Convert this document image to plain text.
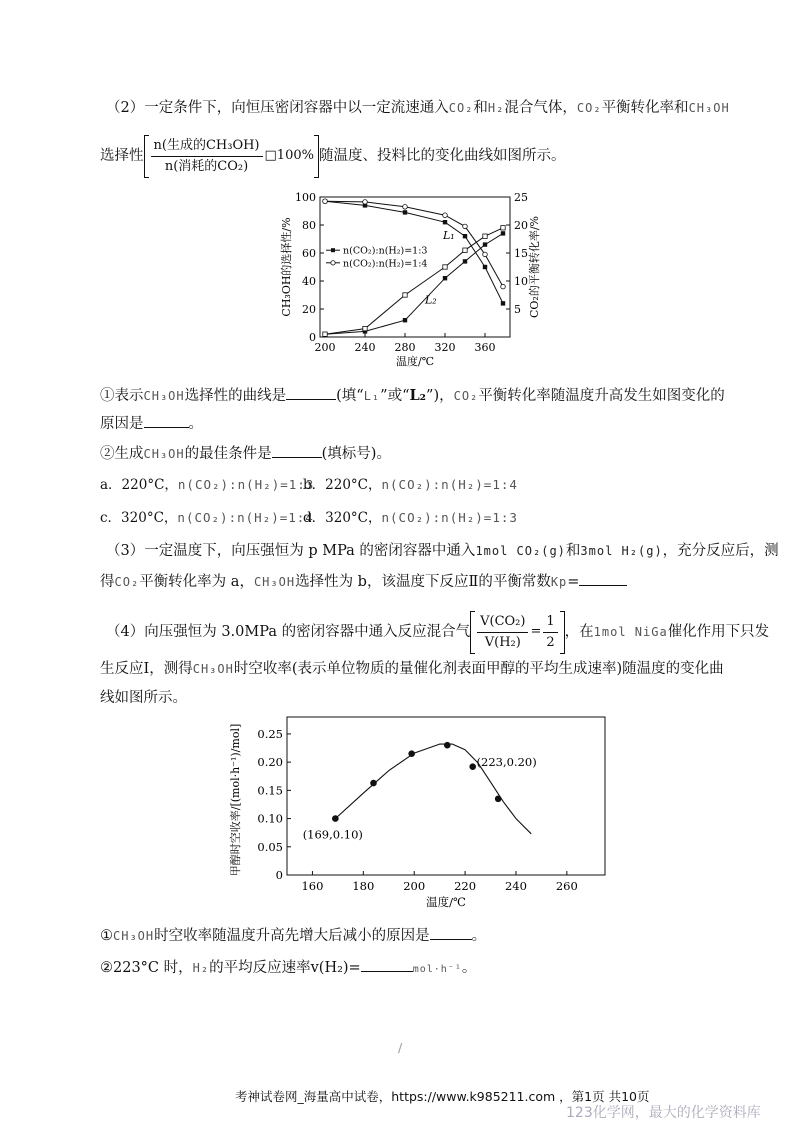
（2）一定条件下，向恒压密闭容器中以一定流速通入CO₂和H₂混合气体，CO₂平衡转化率和CH₃OH
选择性 $\frac{\text{n(生成的CH₃OH)}}{\text{n(消耗的CO₂)}}$ □100% 随温度、投料比的变化曲线如图所示。
200 240 280 320 360
0
20
40
60
80
100
5
10
15
20
25
温度/℃
CH₃OH的选择性/%	CO₂的平衡转化率/%
L₁
L₂
n(CO₂):n(H₂)=1:3
n(CO₂):n(H₂)=1:4
①表示CH₃OH选择性的曲线是	(填“L₁”或“L₂”)，CO₂平衡转化率随温度升高发生如图变化的
原因是	。
②生成CH₃OH的最佳条件是	(填标号)。
a．220°C，n(CO₂):n(H₂)=1:3
b．220°C，n(CO₂):n(H₂)=1:4
c．320°C，n(CO₂):n(H₂)=1:4
d．320°C，n(CO₂):n(H₂)=1:3
（3）一定温度下，向压强恒为 p MPa 的密闭容器中通入1mol CO₂(g)和3mol H₂(g)，充分反应后，测
得CO₂平衡转化率为 a，CH₃OH选择性为 b，该温度下反应Ⅱ的平衡常数Kp=
（4）向压强恒为 3.0MPa 的密闭容器中通入反应混合气 $\frac{\text{V(CO₂)}}{\text{V(H₂)}} = \frac{1}{2}$ ，在 1mol NiGa 催化作用下只发
生反应Ⅰ，测得CH₃OH时空收率(表示单位物质的量催化剂表面甲醇的平均生成速率)随温度的变化曲
线如图所示。
160	180	200	220	240	260
0
0.05
0.10
0.15
0.20
0.25
温度/℃
甲醇时空收率/[(mol·h⁻¹)/mol]	(169,0.10)
(223,0.20)
①CH₃OH时空收率随温度升高先增大后减小的原因是	。
②223°C 时，H₂的平均反应速率v(H₂)=	mol·h⁻¹。
/
考神试卷网_海量高中试卷，https://www.k985211.com ，第1页 共10页
123化学网，最大的化学资料库
